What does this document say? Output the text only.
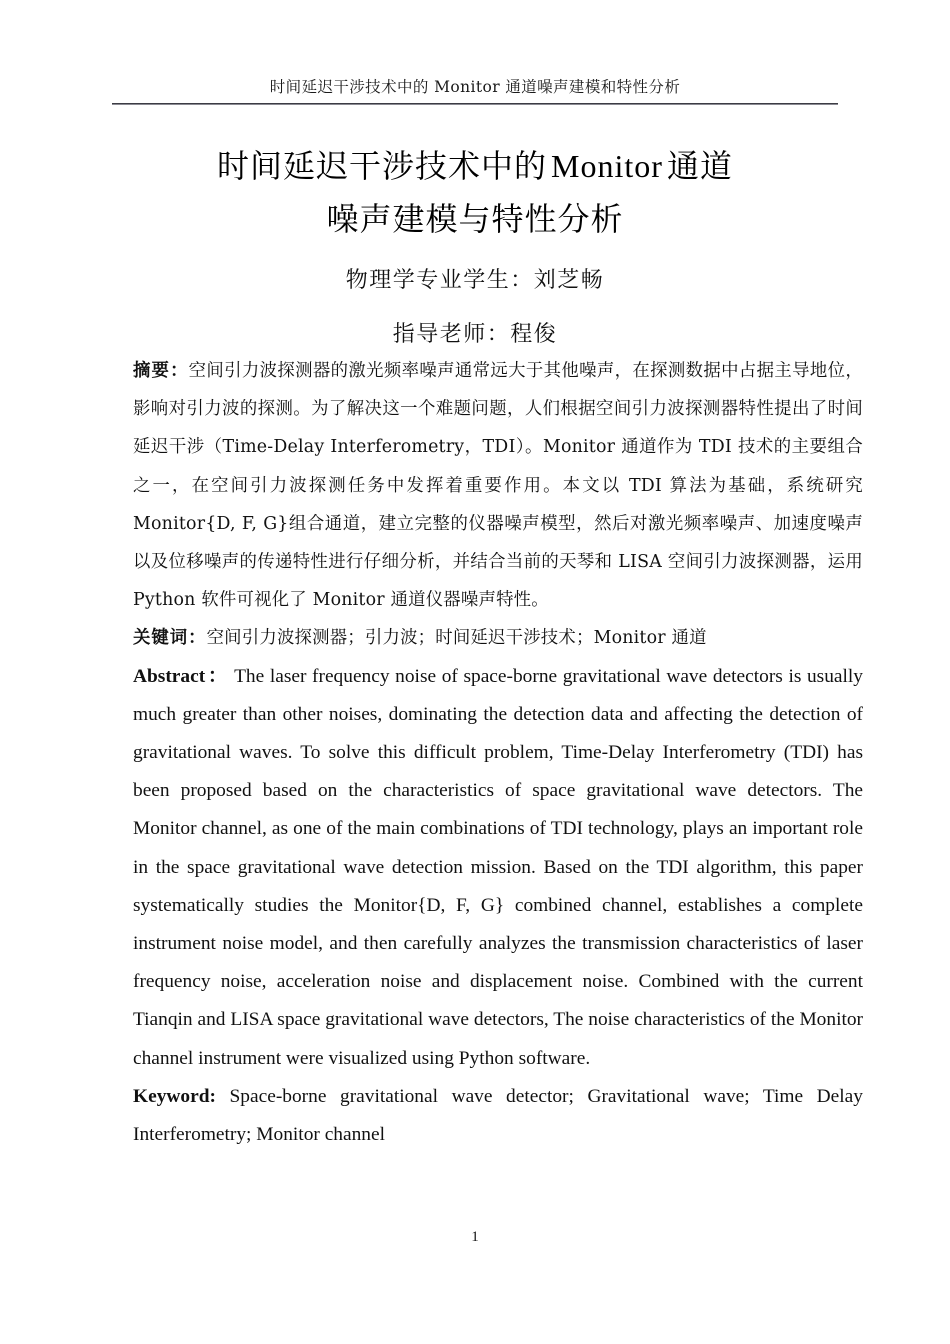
时间延迟干涉技术中的 Monitor 通道噪声建模和特性分析
时间延迟干涉技术中的 Monitor 通道
噪声建模与特性分析
物理学专业学生：刘芝畅
指导老师：程俊

摘要：空间引力波探测器的激光频率噪声通常远大于其他噪声，在探测数据中占据主导地位，影响对引力波的探测。为了解决这一个难题问题，人们根据空间引力波探测器特性提出了时间延迟干涉（Time-Delay Interferometry，TDI）。Monitor 通道作为 TDI 技术的主要组合之一，在空间引力波探测任务中发挥着重要作用。本文以 TDI 算法为基础，系统研究 Monitor{D, F, G}组合通道，建立完整的仪器噪声模型，然后对激光频率噪声、加速度噪声以及位移噪声的传递特性进行仔细分析，并结合当前的天琴和 LISA 空间引力波探测器，运用 Python 软件可视化了 Monitor 通道仪器噪声特性。

关键词：空间引力波探测器；引力波；时间延迟干涉技术；Monitor 通道

Abstract ： The laser frequency noise of space-borne gravitational wave detectors is usually much greater than other noises, dominating the detection data and affecting the detection of gravitational waves. To solve this difficult problem, Time-Delay Interferometry (TDI) has been proposed based on the characteristics of space gravitational wave detectors. The Monitor channel, as one of the main combinations of TDI technology, plays an important role in the space gravitational wave detection mission. Based on the TDI algorithm, this paper systematically studies the Monitor{D, F, G} combined channel, establishes a complete instrument noise model, and then carefully analyzes the transmission characteristics of laser frequency noise, acceleration noise and displacement noise. Combined with the current Tianqin and LISA space gravitational wave detectors, The noise characteristics of the Monitor channel instrument were visualized using Python software.

Keyword: Space-borne gravitational wave detector; Gravitational wave; Time Delay Interferometry; Monitor channel

1
